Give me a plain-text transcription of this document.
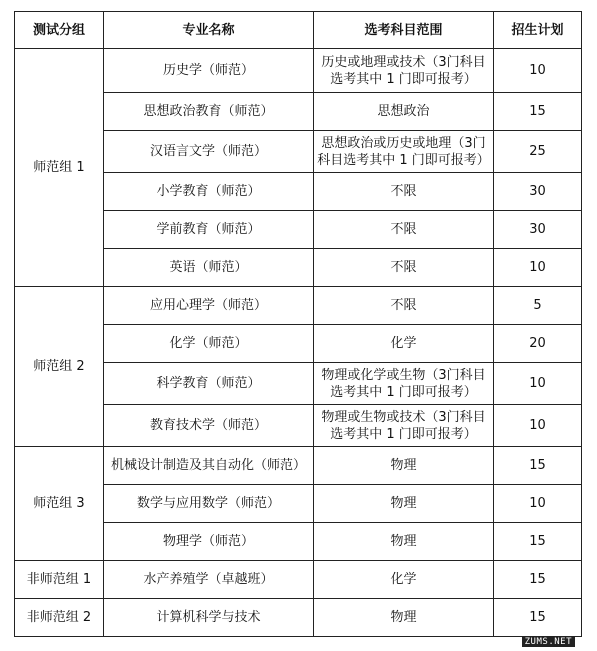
测试分组	专业名称	选考科目范围	招生计划
师范组 1	历史学（师范）	历史或地理或技术（3门科目选考其中 1 门即可报考）	10
	思想政治教育（师范）	思想政治	15
	汉语言文学（师范）	思想政治或历史或地理（3门科目选考其中 1 门即可报考）	25
	小学教育（师范）	不限	30
	学前教育（师范）	不限	30
	英语（师范）	不限	10
师范组 2	应用心理学（师范）	不限	5
	化学（师范）	化学	20
	科学教育（师范）	物理或化学或生物（3门科目选考其中 1 门即可报考）	10
	教育技术学（师范）	物理或生物或技术（3门科目选考其中 1 门即可报考）	10
师范组 3	机械设计制造及其自动化（师范）	物理	15
	数学与应用数学（师范）	物理	10
	物理学（师范）	物理	15
非师范组 1	水产养殖学（卓越班）	化学	15
非师范组 2	计算机科学与技术	物理	15
ZUMS.NET
